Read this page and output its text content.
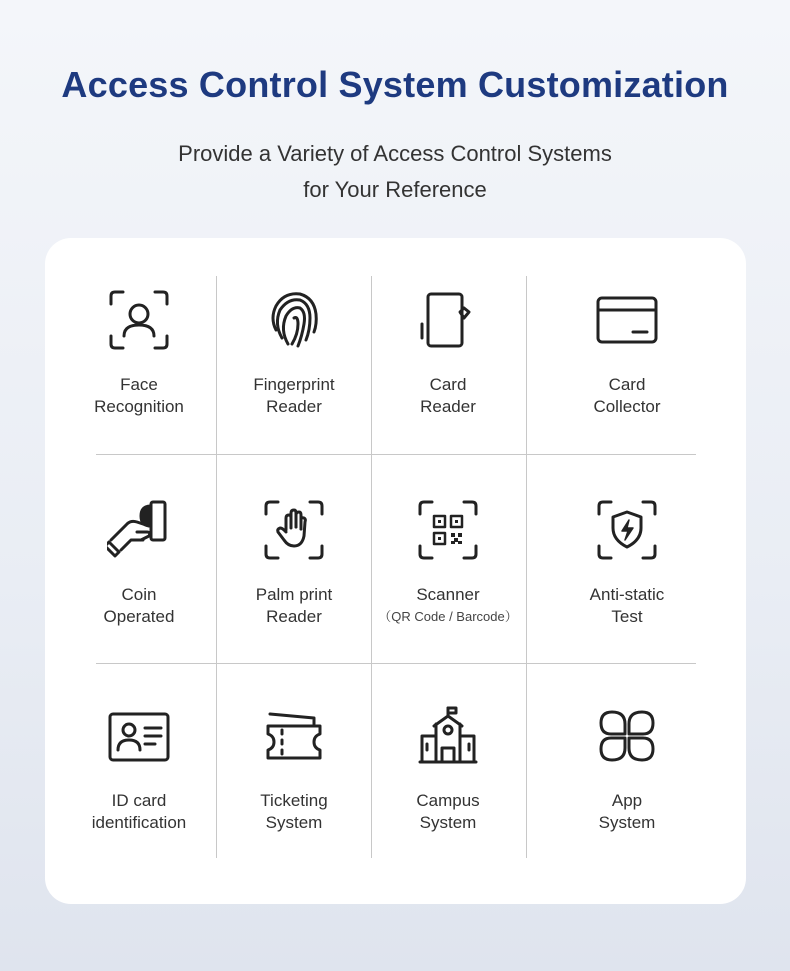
Access Control System Customization
Provide a Variety of Access Control Systems
for Your Reference
Face
Recognition
Fingerprint
Reader
Card
Reader
Card
Collector
Coin
Operated
Palm print
Reader
Scanner
（QR Code / Barcode）
Anti-static
Test
ID card
identification
Ticketing
System
Campus
System
App
System
